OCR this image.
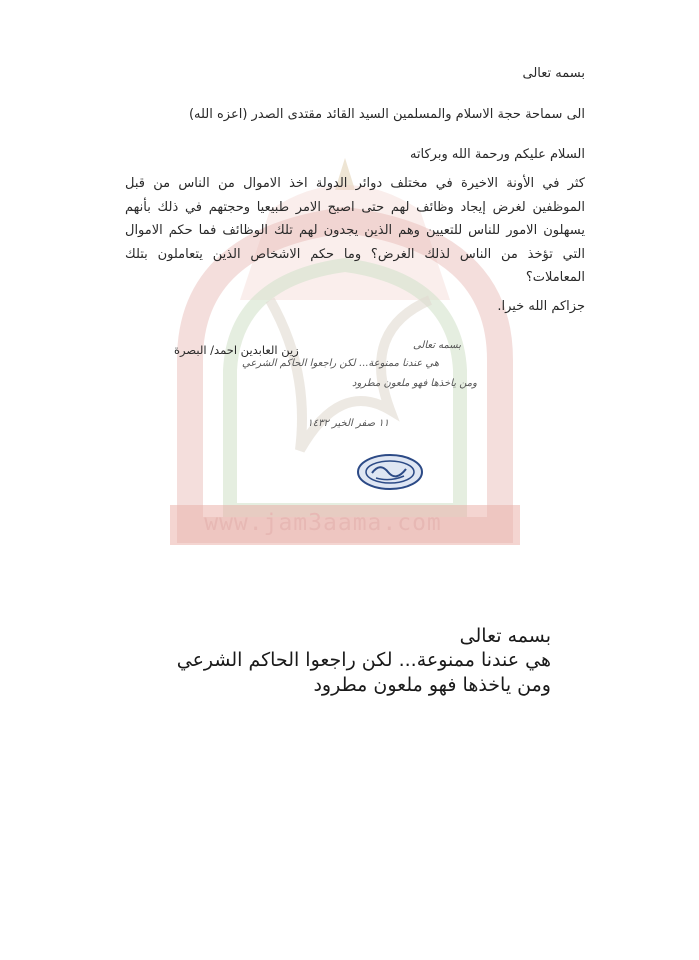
www.jam3aama.com
بسمه تعالى
الى سماحة حجة الاسلام والمسلمين السيد القائد مقتدى الصدر (اعزه الله)
السلام عليكم ورحمة الله وبركاته
كثر في الأونة الاخيرة في مختلف دوائر الدولة اخذ الاموال من الناس من قبل الموظفين لغرض إيجاد وظائف لهم حتى اصبح الامر طبيعيا وحجتهم في ذلك بأنهم يسهلون الامور للناس للتعيين وهم الذين يجدون لهم تلك الوظائف فما حكم الاموال التي تؤخذ من الناس لذلك الغرض؟ وما حكم الاشخاص الذين يتعاملون بتلك المعاملات؟
جزاكم الله خيرا.
زين العابدين احمد/ البصرة	بسمه تعالى
هي عندنا ممنوعة... لكن راجعوا الحاكم الشرعي
ومن ياخذها فهو ملعون مطرود
١١ صفر الخير ١٤٣٢
بسمه تعالى
هي عندنا ممنوعة... لكن راجعوا الحاكم الشرعي
ومن ياخذها فهو ملعون مطرود
